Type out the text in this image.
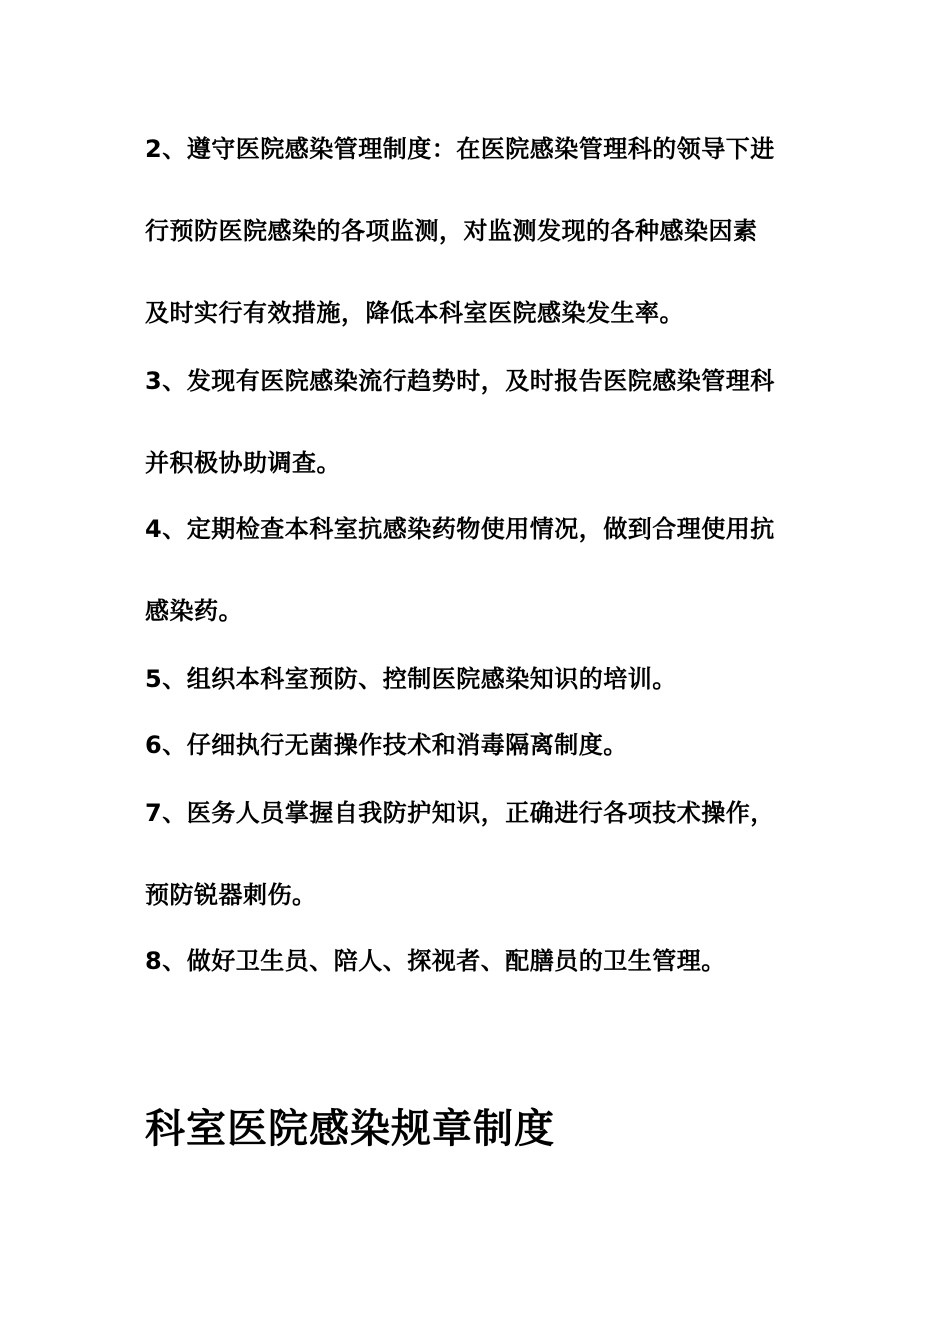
2、遵守医院感染管理制度：在医院感染管理科的领导下进
行预防医院感染的各项监测，对监测发现的各种感染因素
及时实行有效措施，降低本科室医院感染发生率。
3、发现有医院感染流行趋势时，及时报告医院感染管理科
并积极协助调查。
4、定期检查本科室抗感染药物使用情况，做到合理使用抗
感染药。
5、组织本科室预防、控制医院感染知识的培训。
6、仔细执行无菌操作技术和消毒隔离制度。
7、医务人员掌握自我防护知识，正确进行各项技术操作，
预防锐器刺伤。
8、做好卫生员、陪人、探视者、配膳员的卫生管理。
科室医院感染规章制度
